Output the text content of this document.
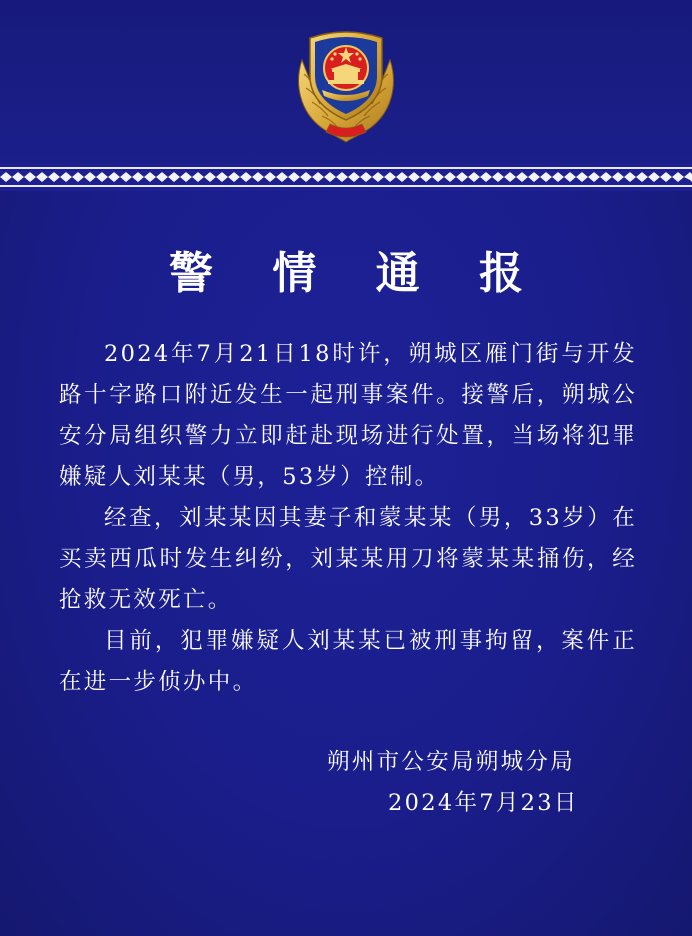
警 情 通 报

2024年7月21日18时许，朔城区雁门街与开发路十字路口附近发生一起刑事案件。接警后，朔城公安分局组织警力立即赶赴现场进行处置，当场将犯罪嫌疑人刘某某（男，53岁）控制。

经查，刘某某因其妻子和蒙某某（男，33岁）在买卖西瓜时发生纠纷，刘某某用刀将蒙某某捅伤，经抢救无效死亡。

目前，犯罪嫌疑人刘某某已被刑事拘留，案件正在进一步侦办中。

朔州市公安局朔城分局
2024年7月23日
